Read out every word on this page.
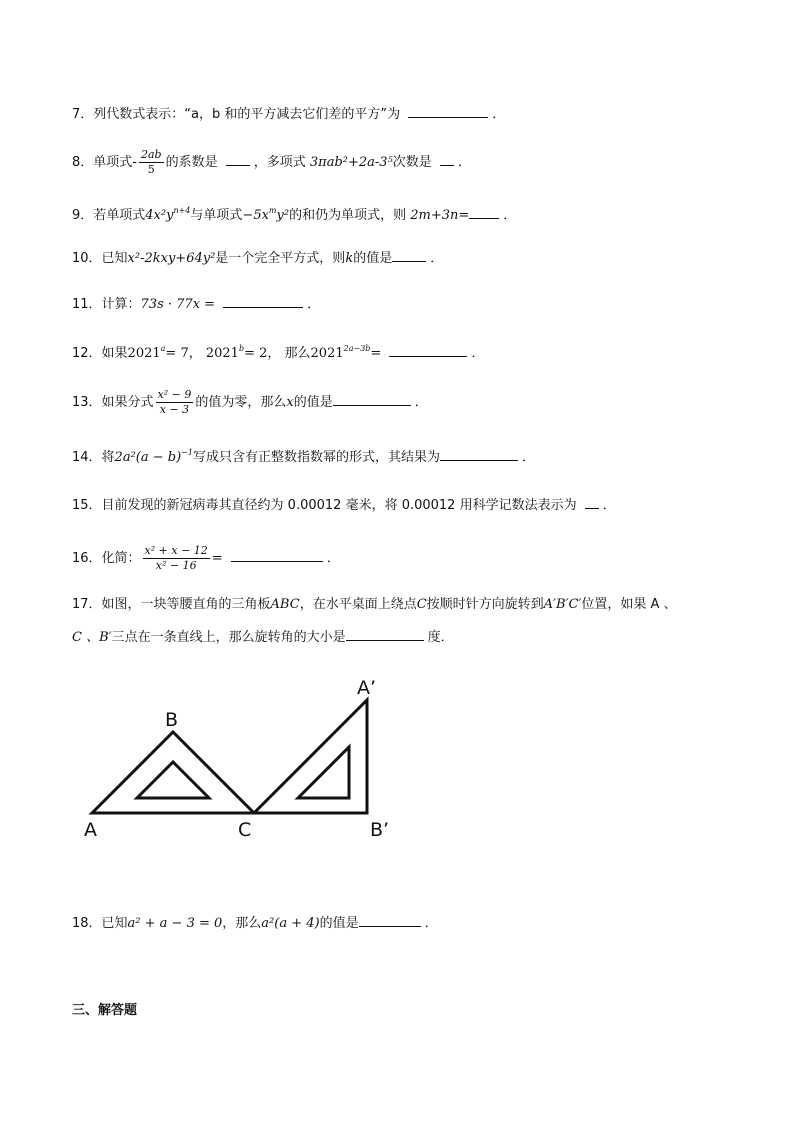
7．列代数式表示：“a，b 和的平方减去它们差的平方”为	．
8．单项式- $\frac{2ab}{5}$ 的系数是	，多项式 3πab²+2a-3⁵次数是 ．
9．若单项式$4x^2y^{n+4}$与单项式$-5x^my^2$的和仍为单项式，则 2m+3n=	．
10．已知x²-2kxy+64y²是一个完全平方式，则k的值是	．
11．计算：73s · 77x =	．
12．如果$2021^a= 7$， $2021^b= 2$， 那么$2021^{2a-3b}=$	．
13．如果分式 $\frac{\text{x² − 9}}{x - 3}$ 的值为零，那么x的值是	．
14．将$2a^2(a - b)^{-1}$写成只含有正整数指数幂的形式，其结果为	．
15．目前发现的新冠病毒其直径约为 0.00012 毫米，将 0.00012 用科学记数法表示为 ．
16．化简： $\frac{\text{x² + x − 12}}{\text{x² − 16}}$ =	．
17．如图，一块等腰直角的三角板ABC，在水平桌面上绕点C按顺时针方向旋转到A′B′C′位置，如果 A 、
C 、B′三点在一条直线上，那么旋转角的大小是	度．
B
A	C
A’
B’
18．已知a² + a − 3 = 0，那么a²(a + 4)的值是	．
三、解答题
